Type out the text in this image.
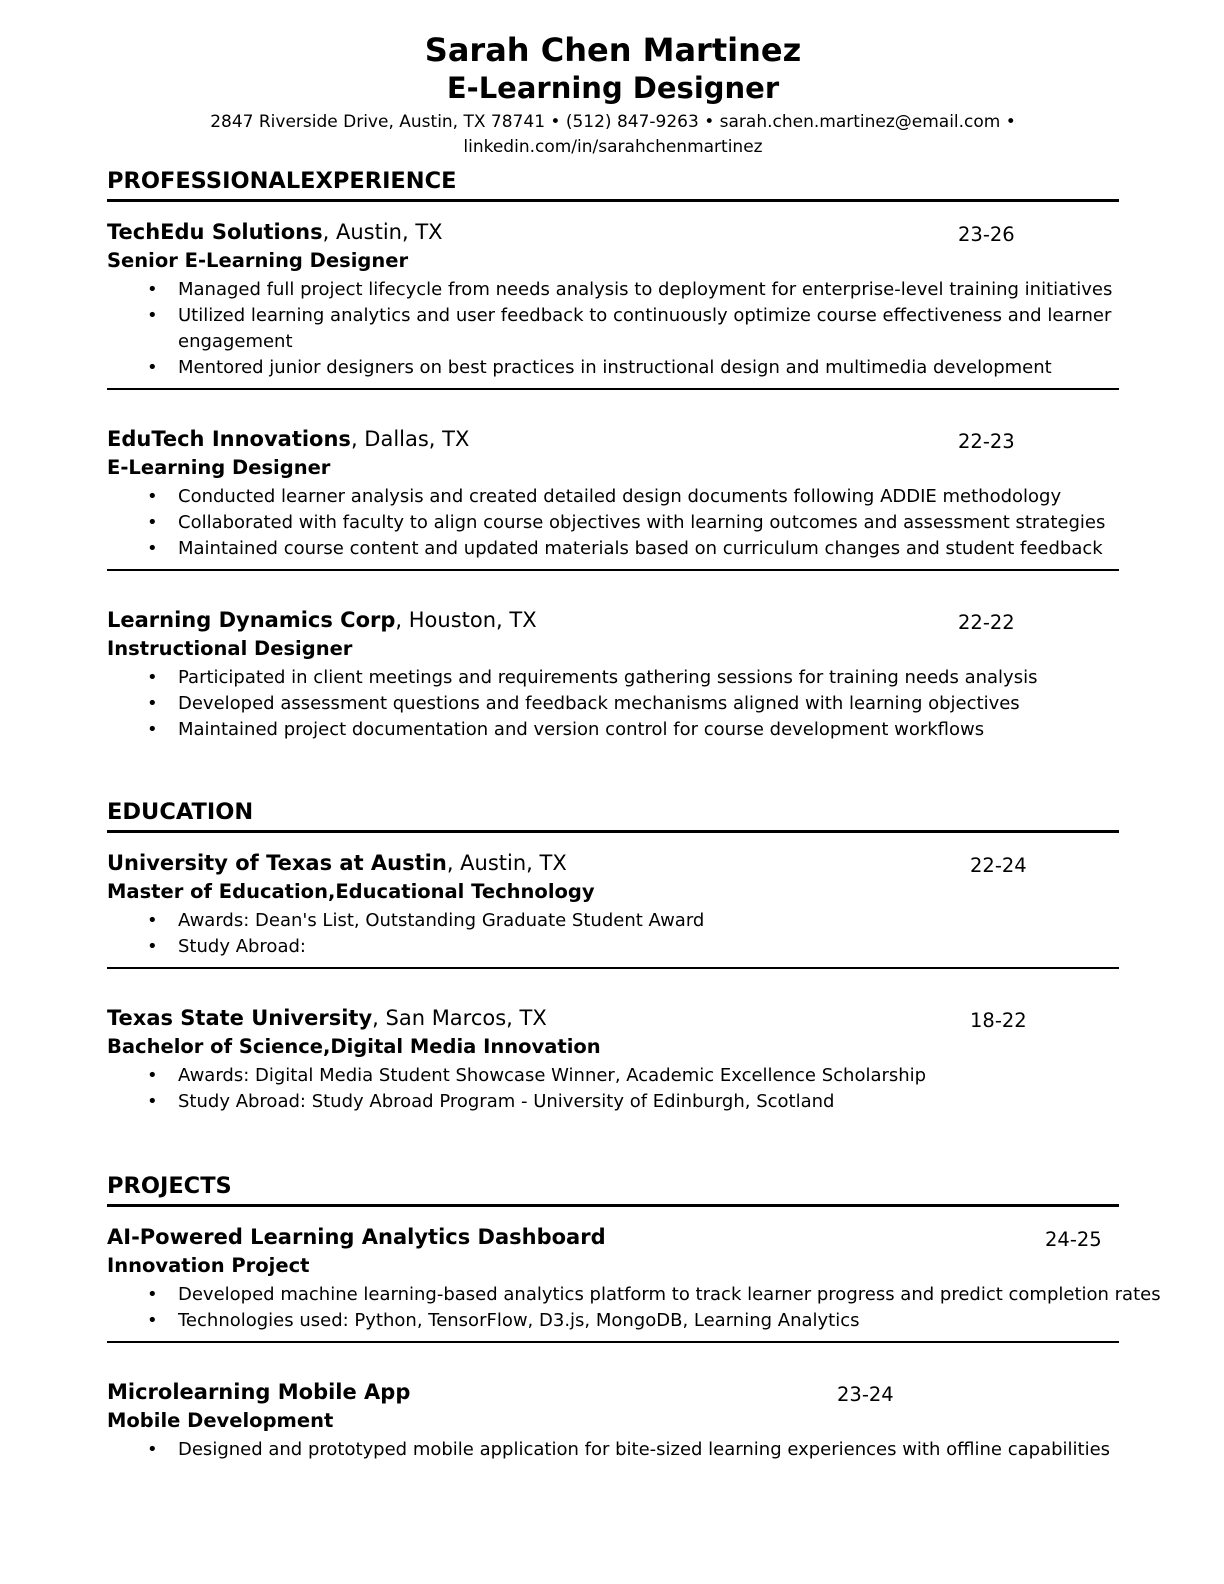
Sarah Chen Martinez
E-Learning Designer
2847 Riverside Drive, Austin, TX 78741 • (512) 847-9263 • sarah.chen.martinez@email.com •
linkedin.com/in/sarahchenmartinez
PROFESSIONALEXPERIENCE
TechEdu Solutions, Austin, TX	23-26
Senior E-Learning Designer
• Managed full project lifecycle from needs analysis to deployment for enterprise-level training initiatives
• Utilized learning analytics and user feedback to continuously optimize course effectiveness and learner engagement
• Mentored junior designers on best practices in instructional design and multimedia development
EduTech Innovations, Dallas, TX	22-23
E-Learning Designer
• Conducted learner analysis and created detailed design documents following ADDIE methodology
• Collaborated with faculty to align course objectives with learning outcomes and assessment strategies
• Maintained course content and updated materials based on curriculum changes and student feedback
Learning Dynamics Corp, Houston, TX	22-22
Instructional Designer
• Participated in client meetings and requirements gathering sessions for training needs analysis
• Developed assessment questions and feedback mechanisms aligned with learning objectives
• Maintained project documentation and version control for course development workflows
EDUCATION
University of Texas at Austin, Austin, TX	22-24
Master of Education,Educational Technology
• Awards: Dean's List, Outstanding Graduate Student Award
• Study Abroad:
Texas State University, San Marcos, TX	18-22
Bachelor of Science,Digital Media Innovation
• Awards: Digital Media Student Showcase Winner, Academic Excellence Scholarship
• Study Abroad: Study Abroad Program - University of Edinburgh, Scotland
PROJECTS
AI-Powered Learning Analytics Dashboard	24-25
Innovation Project
• Developed machine learning-based analytics platform to track learner progress and predict completion rates
• Technologies used: Python, TensorFlow, D3.js, MongoDB, Learning Analytics
Microlearning Mobile App	23-24
Mobile Development
• Designed and prototyped mobile application for bite-sized learning experiences with offline capabilities
